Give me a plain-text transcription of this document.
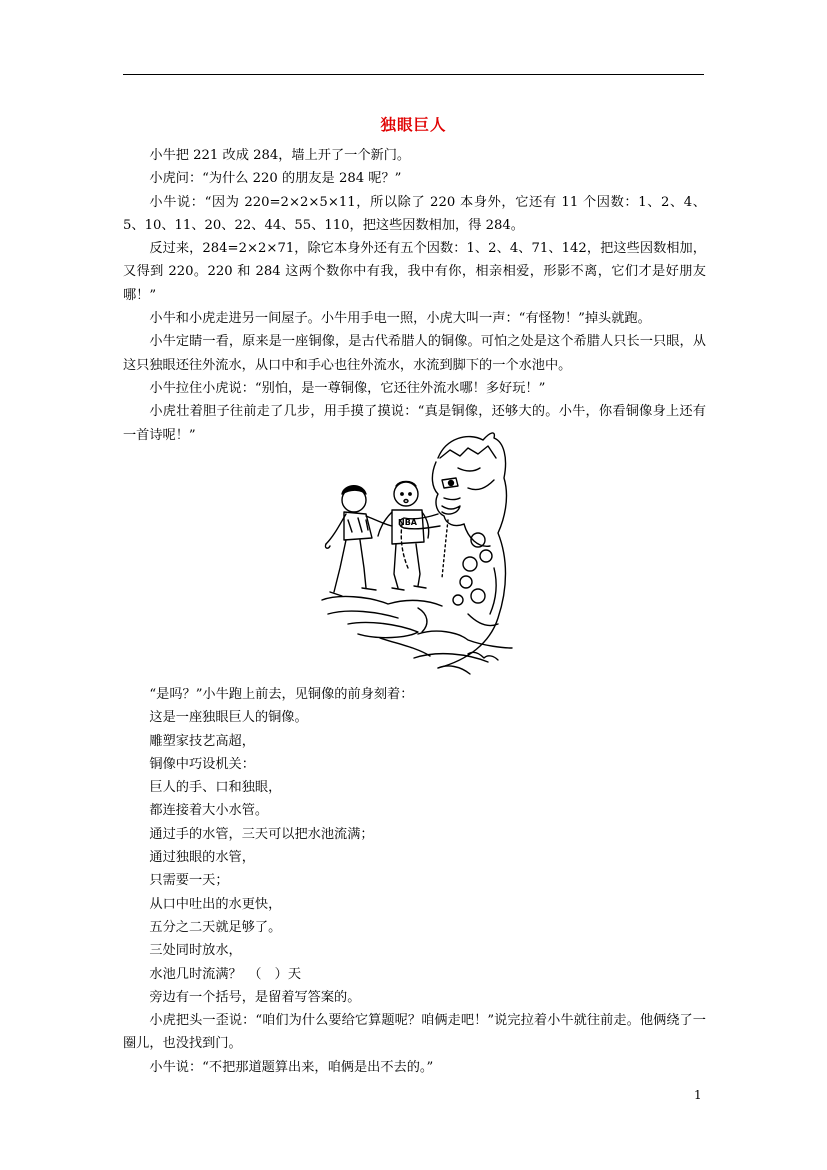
独眼巨人

小牛把 221 改成 284，墙上开了一个新门。

小虎问：“为什么 220 的朋友是 284 呢？”

小牛说：“因为 220=2×2×5×11，所以除了 220 本身外，它还有 11 个因数：1、2、4、5、10、11、20、22、44、55、110，把这些因数相加，得 284。

反过来，284=2×2×71，除它本身外还有五个因数：1、2、4、71、142，把这些因数相加，又得到 220。220 和 284 这两个数你中有我，我中有你，相亲相爱，形影不离，它们才是好朋友哪！”

小牛和小虎走进另一间屋子。小牛用手电一照，小虎大叫一声：“有怪物！”掉头就跑。

小牛定睛一看，原来是一座铜像，是古代希腊人的铜像。可怕之处是这个希腊人只长一只眼，从这只独眼还往外流水，从口中和手心也往外流水，水流到脚下的一个水池中。

小牛拉住小虎说：“别怕，是一尊铜像，它还往外流水哪！多好玩！”

小虎壮着胆子往前走了几步，用手摸了摸说：“真是铜像，还够大的。小牛，你看铜像身上还有一首诗呢！”

NBA

“是吗？”小牛跑上前去，见铜像的前身刻着：

这是一座独眼巨人的铜像。

雕塑家技艺高超，

铜像中巧设机关：

巨人的手、口和独眼，

都连接着大小水管。

通过手的水管，三天可以把水池流满；

通过独眼的水管，

只需要一天；

从口中吐出的水更快，

五分之二天就足够了。

三处同时放水，

水池几时流满？　（　）天

旁边有一个括号，是留着写答案的。

小虎把头一歪说：“咱们为什么要给它算题呢？咱俩走吧！”说完拉着小牛就往前走。他俩绕了一圈儿，也没找到门。

小牛说：“不把那道题算出来，咱俩是出不去的。”

1
